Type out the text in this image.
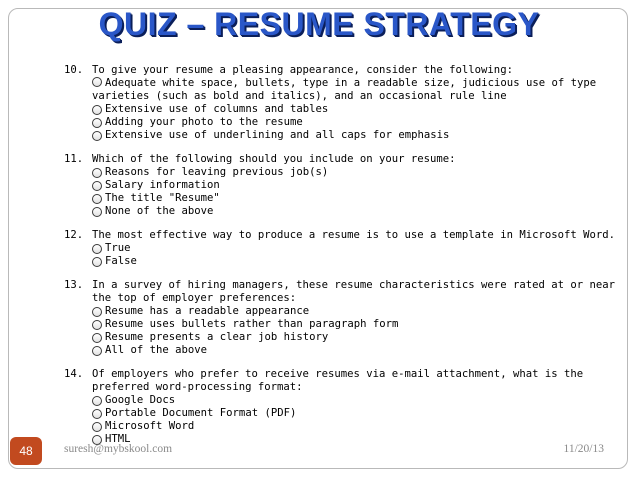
QUIZ – RESUME STRATEGY
10. To give your resume a pleasing appearance, consider the following:
Adequate white space, bullets, type in a readable size, judicious use of type varieties (such as bold and italics), and an occasional rule line
Extensive use of columns and tables
Adding your photo to the resume
Extensive use of underlining and all caps for emphasis
11. Which of the following should you include on your resume:
Reasons for leaving previous job(s)
Salary information
The title "Resume"
None of the above
12. The most effective way to produce a resume is to use a template in Microsoft Word.
True
False
13. In a survey of hiring managers, these resume characteristics were rated at or near the top of employer preferences:
Resume has a readable appearance
Resume uses bullets rather than paragraph form
Resume presents a clear job history
All of the above
14. Of employers who prefer to receive resumes via e-mail attachment, what is the preferred word-processing format:
Google Docs
Portable Document Format (PDF)
Microsoft Word
HTML
48	suresh@mybskool.com	11/20/13
